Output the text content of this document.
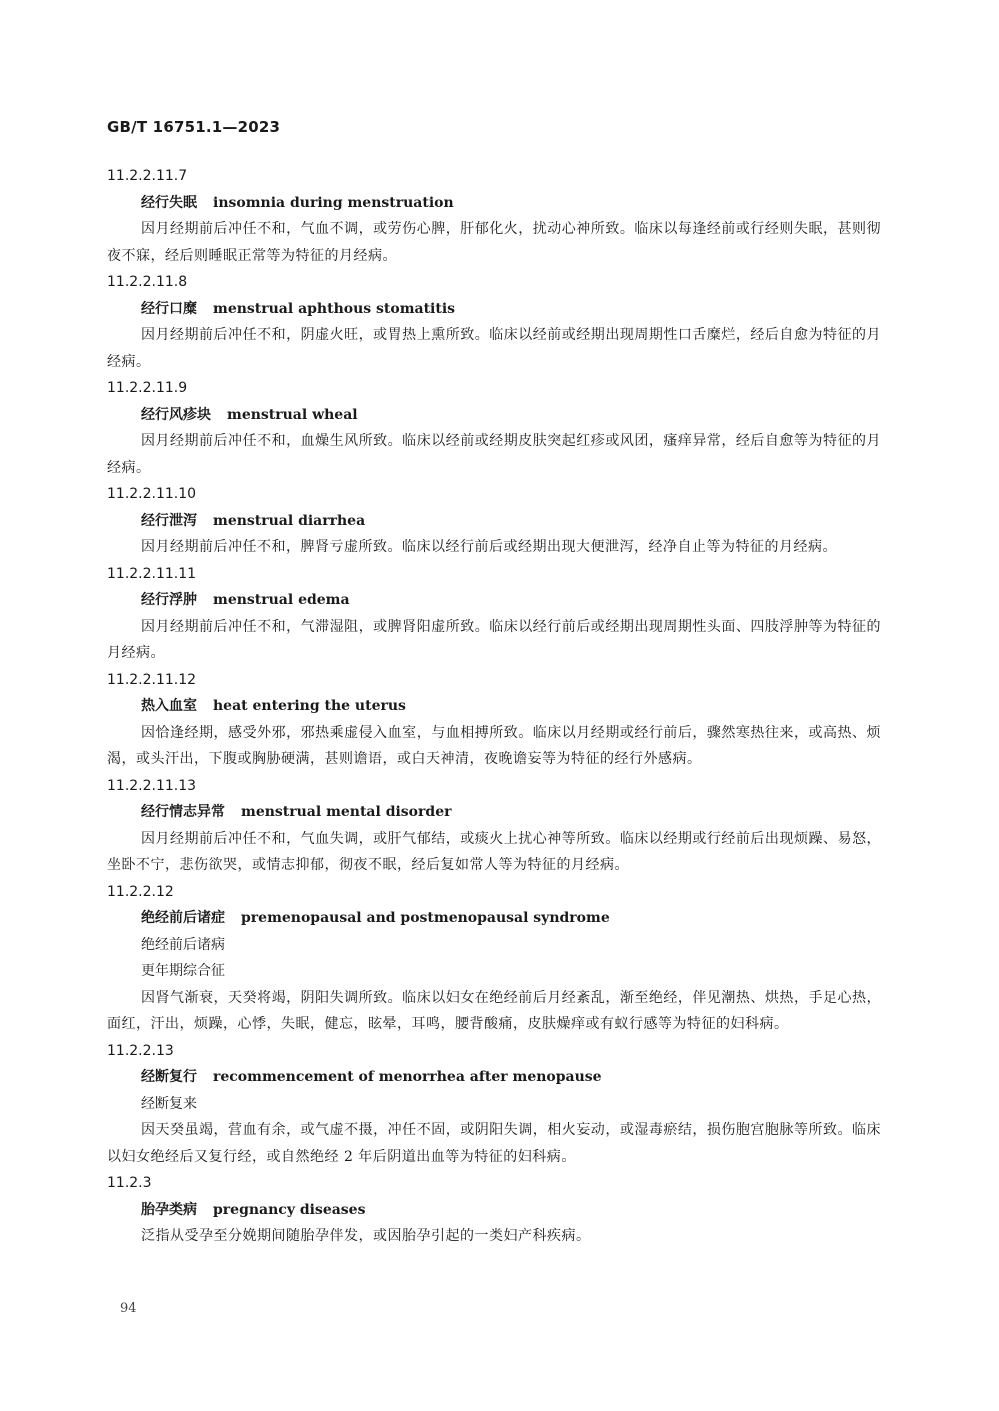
GB/T 16751.1—2023
11.2.2.11.7
经行失眠 insomnia during menstruation
因月经期前后冲任不和，气血不调，或劳伤心脾，肝郁化火，扰动心神所致。临床以每逢经前或行经则失眠，甚则彻夜不寐，经后则睡眠正常等为特征的月经病。
11.2.2.11.8
经行口糜 menstrual aphthous stomatitis
因月经期前后冲任不和，阴虚火旺，或胃热上熏所致。临床以经前或经期出现周期性口舌糜烂，经后自愈为特征的月经病。
11.2.2.11.9
经行风疹块 menstrual wheal
因月经期前后冲任不和，血燥生风所致。临床以经前或经期皮肤突起红疹或风团，瘙痒异常，经后自愈等为特征的月经病。
11.2.2.11.10
经行泄泻 menstrual diarrhea
因月经期前后冲任不和，脾肾亏虚所致。临床以经行前后或经期出现大便泄泻，经净自止等为特征的月经病。
11.2.2.11.11
经行浮肿 menstrual edema
因月经期前后冲任不和，气滞湿阻，或脾肾阳虚所致。临床以经行前后或经期出现周期性头面、四肢浮肿等为特征的月经病。
11.2.2.11.12
热入血室 heat entering the uterus
因恰逢经期，感受外邪，邪热乘虚侵入血室，与血相搏所致。临床以月经期或经行前后，骤然寒热往来，或高热、烦渴，或头汗出，下腹或胸胁硬满，甚则谵语，或白天神清，夜晚谵妄等为特征的经行外感病。
11.2.2.11.13
经行情志异常 menstrual mental disorder
因月经期前后冲任不和，气血失调，或肝气郁结，或痰火上扰心神等所致。临床以经期或行经前后出现烦躁、易怒，坐卧不宁，悲伤欲哭，或情志抑郁，彻夜不眠，经后复如常人等为特征的月经病。
11.2.2.12
绝经前后诸症 premenopausal and postmenopausal syndrome
绝经前后诸病
更年期综合征
因肾气渐衰，天癸将竭，阴阳失调所致。临床以妇女在绝经前后月经紊乱，渐至绝经，伴见潮热、烘热，手足心热，面红，汗出，烦躁，心悸，失眠，健忘，眩晕，耳鸣，腰背酸痛，皮肤燥痒或有蚁行感等为特征的妇科病。
11.2.2.13
经断复行 recommencement of menorrhea after menopause
经断复来
因天癸虽竭，营血有余，或气虚不摄，冲任不固，或阴阳失调，相火妄动，或湿毒瘀结，损伤胞宫胞脉等所致。临床以妇女绝经后又复行经，或自然绝经 2 年后阴道出血等为特征的妇科病。
11.2.3
胎孕类病 pregnancy diseases
泛指从受孕至分娩期间随胎孕伴发，或因胎孕引起的一类妇产科疾病。
94
